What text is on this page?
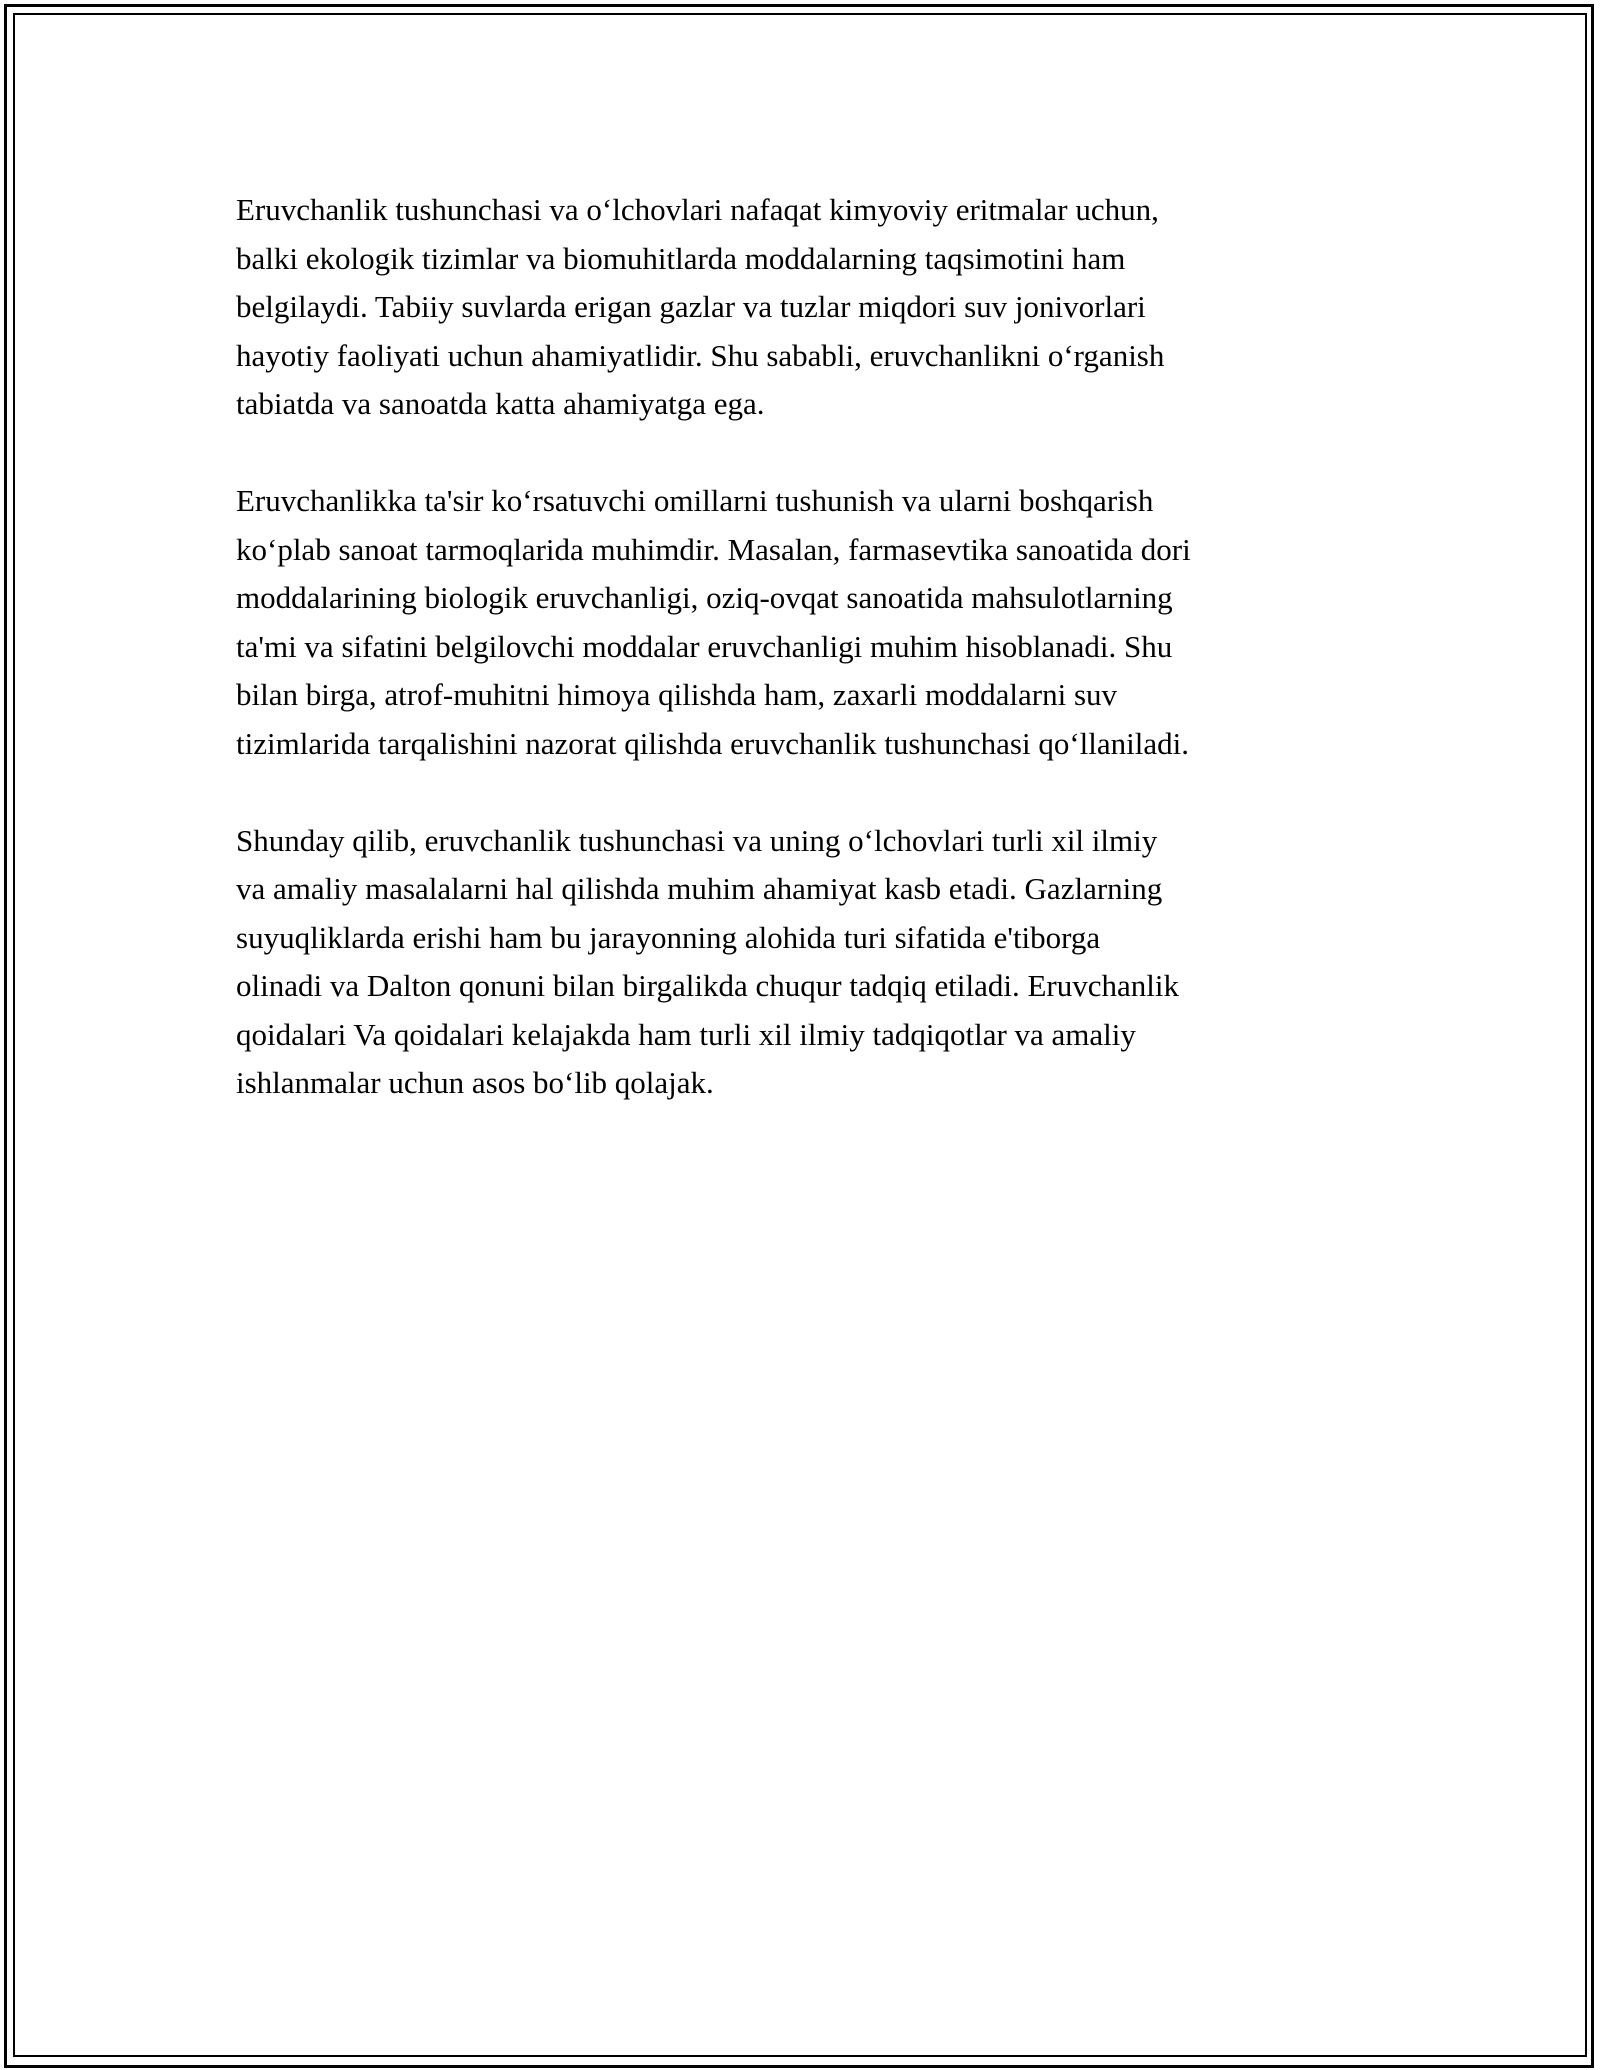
Eruvchanlik tushunchasi va o‘lchovlari nafaqat kimyoviy eritmalar uchun,
balki ekologik tizimlar va biomuhitlarda moddalarning taqsimotini ham
belgilaydi. Tabiiy suvlarda erigan gazlar va tuzlar miqdori suv jonivorlari
hayotiy faoliyati uchun ahamiyatlidir. Shu sababli, eruvchanlikni o‘rganish
tabiatda va sanoatda katta ahamiyatga ega.

Eruvchanlikka ta'sir ko‘rsatuvchi omillarni tushunish va ularni boshqarish
ko‘plab sanoat tarmoqlarida muhimdir. Masalan, farmasevtika sanoatida dori
moddalarining biologik eruvchanligi, oziq-ovqat sanoatida mahsulotlarning
ta'mi va sifatini belgilovchi moddalar eruvchanligi muhim hisoblanadi. Shu
bilan birga, atrof-muhitni himoya qilishda ham, zaxarli moddalarni suv
tizimlarida tarqalishini nazorat qilishda eruvchanlik tushunchasi qo‘llaniladi.

Shunday qilib, eruvchanlik tushunchasi va uning o‘lchovlari turli xil ilmiy
va amaliy masalalarni hal qilishda muhim ahamiyat kasb etadi. Gazlarning
suyuqliklarda erishi ham bu jarayonning alohida turi sifatida e'tiborga
olinadi va Dalton qonuni bilan birgalikda chuqur tadqiq etiladi. Eruvchanlik
qoidalari Va qoidalari kelajakda ham turli xil ilmiy tadqiqotlar va amaliy
ishlanmalar uchun asos bo‘lib qolajak.
